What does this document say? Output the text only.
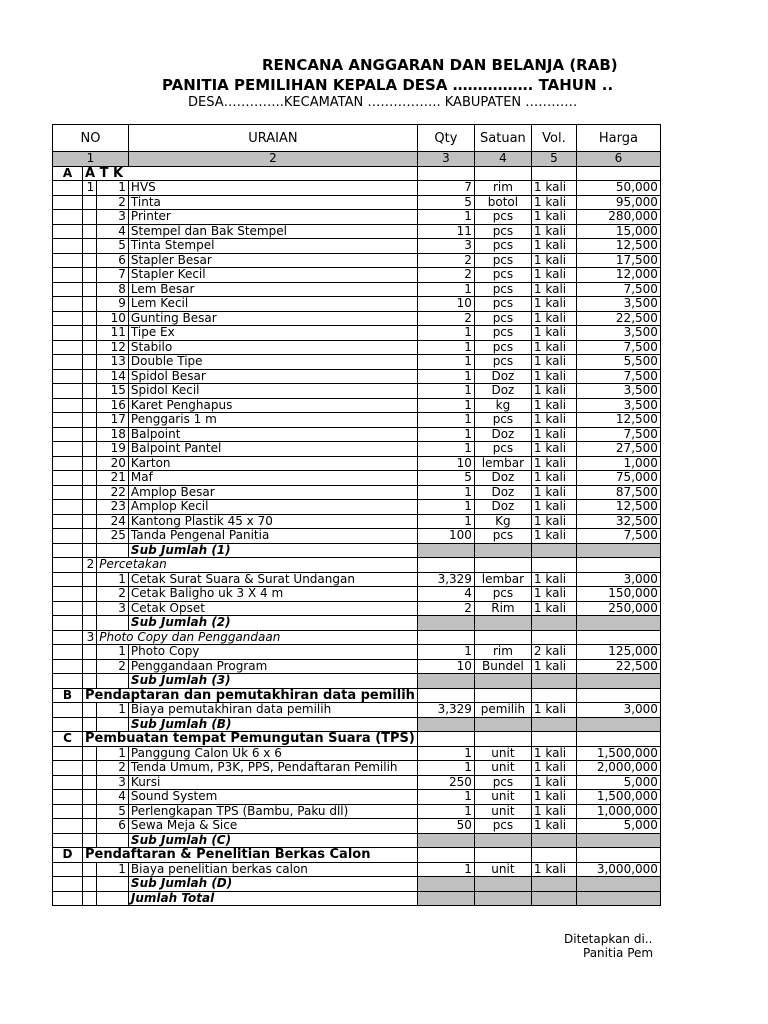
RENCANA ANGGARAN DAN BELANJA (RAB)
PANITIA PEMILIHAN KEPALA DESA ……………. TAHUN ..
DESA…………..KECAMATAN …………….. KABUPATEN …………
NO			URAIAN	Qty	Satuan	Vol.	Harga
1			2	3	4	5	6
A	A T K						
	1	1	HVS	7	rim	1 kali	50,000
		2	Tinta	5	botol	1 kali	95,000
		3	Printer	1	pcs	1 kali	280,000
		4	Stempel dan Bak Stempel	11	pcs	1 kali	15,000
		5	Tinta Stempel	3	pcs	1 kali	12,500
		6	Stapler Besar	2	pcs	1 kali	17,500
		7	Stapler Kecil	2	pcs	1 kali	12,000
		8	Lem Besar	1	pcs	1 kali	7,500
		9	Lem Kecil	10	pcs	1 kali	3,500
		10	Gunting Besar	2	pcs	1 kali	22,500
		11	Tipe Ex	1	pcs	1 kali	3,500
		12	Stabilo	1	pcs	1 kali	7,500
		13	Double Tipe	1	pcs	1 kali	5,500
		14	Spidol Besar	1	Doz	1 kali	7,500
		15	Spidol Kecil	1	Doz	1 kali	3,500
		16	Karet Penghapus	1	kg	1 kali	3,500
		17	Penggaris 1 m	1	pcs	1 kali	12,500
		18	Balpoint	1	Doz	1 kali	7,500
		19	Balpoint Pantel	1	pcs	1 kali	27,500
		20	Karton	10	lembar	1 kali	1,000
		21	Maf	5	Doz	1 kali	75,000
		22	Amplop Besar	1	Doz	1 kali	87,500
		23	Amplop Kecil	1	Doz	1 kali	12,500
		24	Kantong Plastik 45 x 70	1	Kg	1 kali	32,500
		25	Tanda Pengenal Panitia	100	pcs	1 kali	7,500
			Sub Jumlah (1)				
	2	Percetakan					
		1	Cetak Surat Suara & Surat Undangan	3,329	lembar	1 kali	3,000
		2	Cetak Baligho uk 3 X 4 m	4	pcs	1 kali	150,000
		3	Cetak Opset	2	Rim	1 kali	250,000
			Sub Jumlah (2)				
	3	Photo Copy dan Penggandaan					
		1	Photo Copy	1	rim	2 kali	125,000
		2	Penggandaan Program	10	Bundel	1 kali	22,500
			Sub Jumlah (3)				
B	Pendaptaran dan pemutakhiran data pemilih						
		1	Biaya pemutakhiran data pemilih	3,329	pemilih	1 kali	3,000
			Sub Jumlah (B)				
C	Pembuatan tempat Pemungutan Suara (TPS)						
		1	Panggung Calon Uk 6 x 6	1	unit	1 kali	1,500,000
		2	Tenda Umum, P3K, PPS, Pendaftaran Pemilih	1	unit	1 kali	2,000,000
		3	Kursi	250	pcs	1 kali	5,000
		4	Sound System	1	unit	1 kali	1,500,000
		5	Perlengkapan TPS (Bambu, Paku dll)	1	unit	1 kali	1,000,000
		6	Sewa Meja & Sice	50	pcs	1 kali	5,000
			Sub Jumlah (C)				
D	Pendaftaran & Penelitian Berkas Calon						
		1	Biaya penelitian berkas calon	1	unit	1 kali	3,000,000
			Sub Jumlah (D)				
			Jumlah Total				
Ditetapkan di..
Panitia Pem
